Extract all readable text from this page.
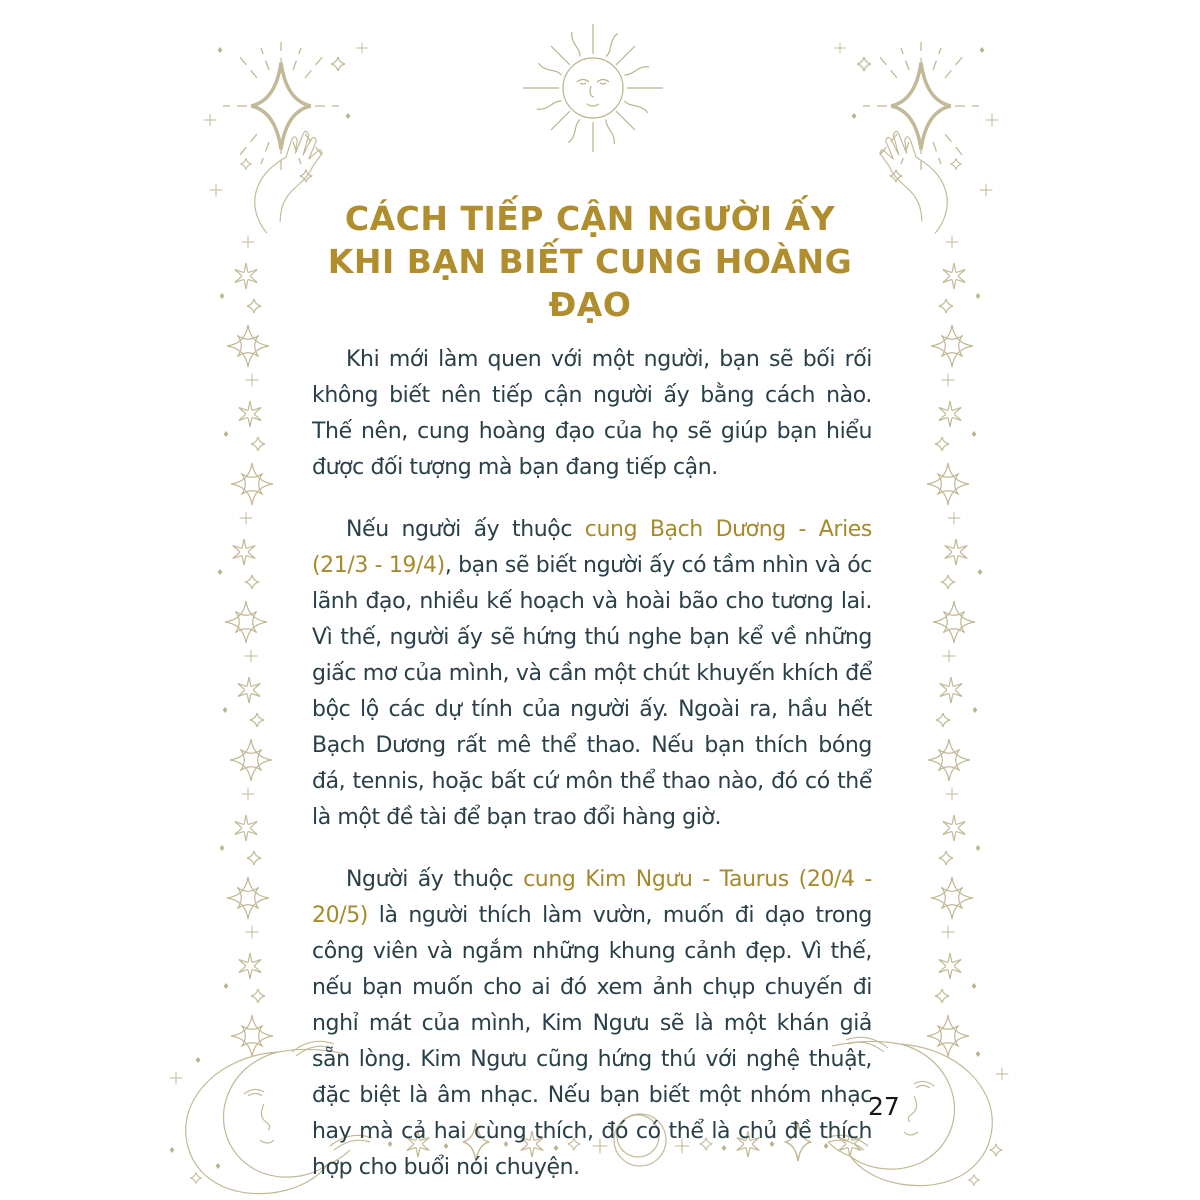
CÁCH TIẾP CẬN NGƯỜI ẤY
KHI BẠN BIẾT CUNG HOÀNG ĐẠO

Khi mới làm quen với một người, bạn sẽ bối rối không biết nên tiếp cận người ấy bằng cách nào. Thế nên, cung hoàng đạo của họ sẽ giúp bạn hiểu được đối tượng mà bạn đang tiếp cận.

Nếu người ấy thuộc cung Bạch Dương - Aries (21/3 - 19/4), bạn sẽ biết người ấy có tầm nhìn và óc lãnh đạo, nhiều kế hoạch và hoài bão cho tương lai. Vì thế, người ấy sẽ hứng thú nghe bạn kể về những giấc mơ của mình, và cần một chút khuyến khích để bộc lộ các dự tính của người ấy. Ngoài ra, hầu hết Bạch Dương rất mê thể thao. Nếu bạn thích bóng đá, tennis, hoặc bất cứ môn thể thao nào, đó có thể là một đề tài để bạn trao đổi hàng giờ.

Người ấy thuộc cung Kim Ngưu - Taurus (20/4 - 20/5) là người thích làm vườn, muốn đi dạo trong công viên và ngắm những khung cảnh đẹp. Vì thế, nếu bạn muốn cho ai đó xem ảnh chụp chuyến đi nghỉ mát của mình, Kim Ngưu sẽ là một khán giả sẵn lòng. Kim Ngưu cũng hứng thú với nghệ thuật, đặc biệt là âm nhạc. Nếu bạn biết một nhóm nhạc hay mà cả hai cùng thích, đó có thể là chủ đề thích hợp cho buổi nói chuyện.

27
